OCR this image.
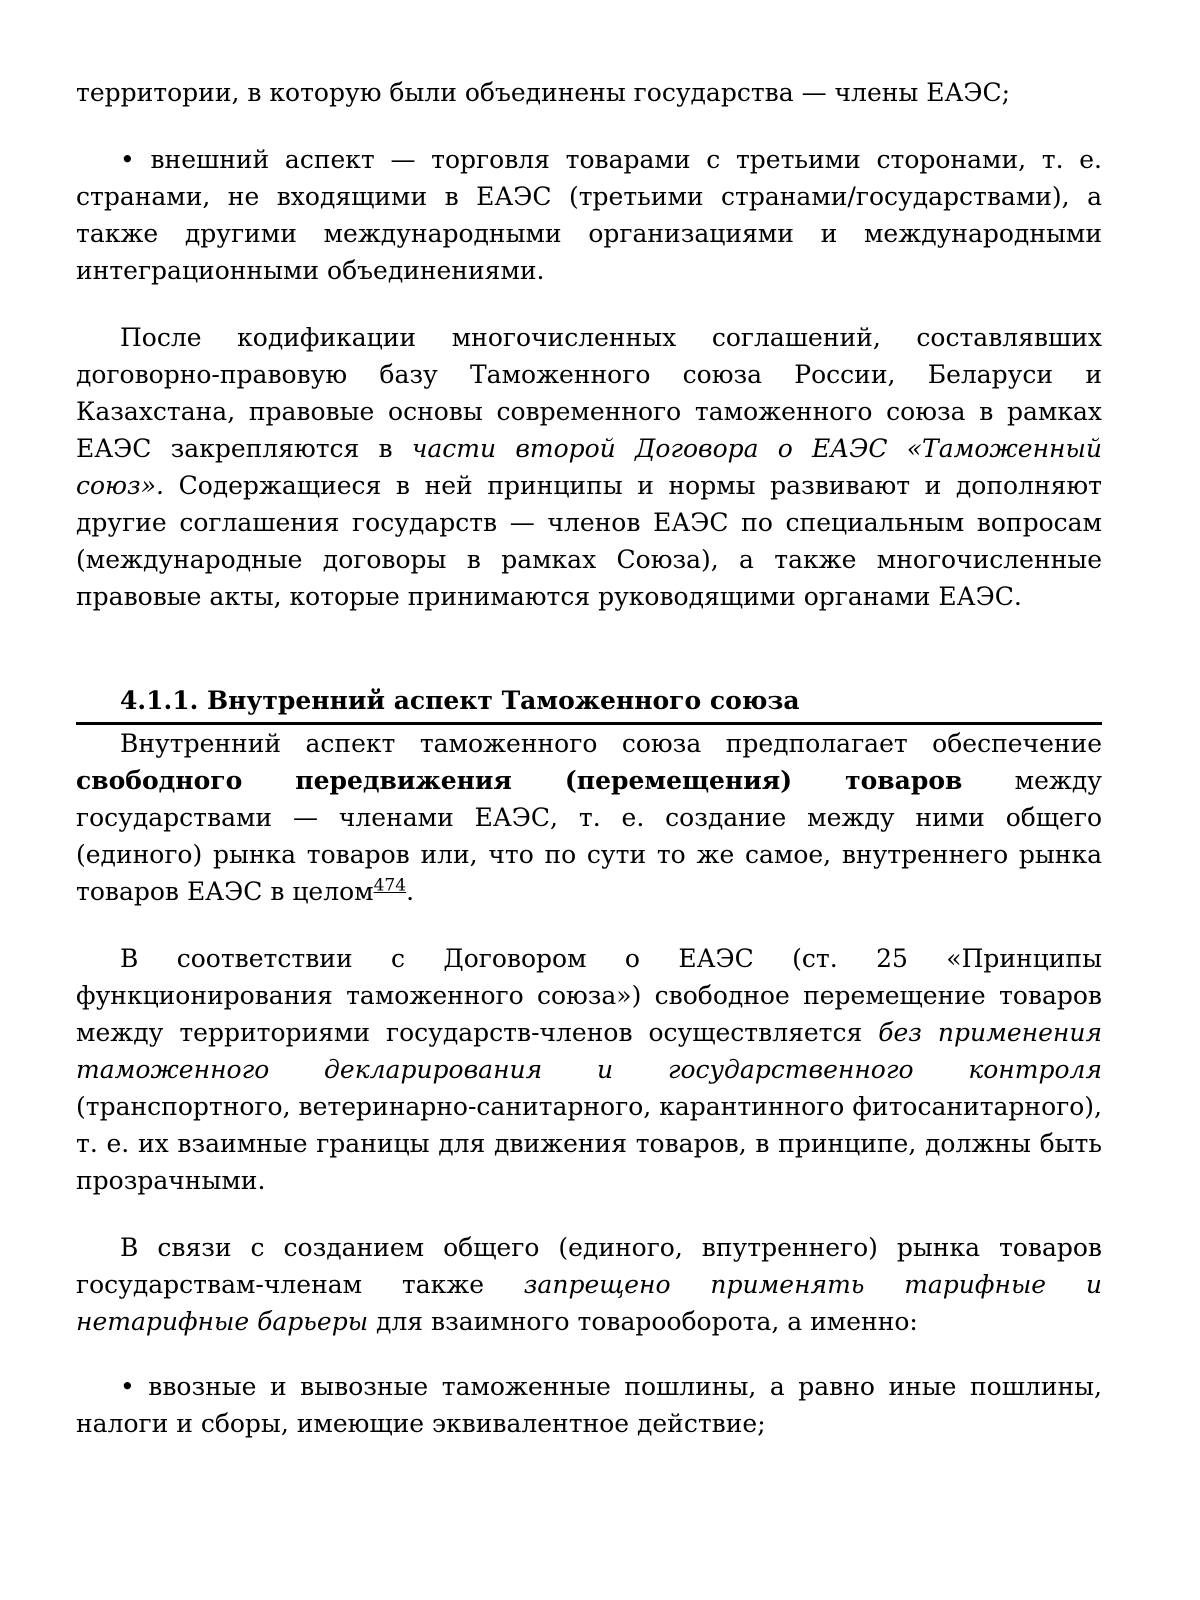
территории, в которую были объединены государства — члены ЕАЭС;

• внешний аспект — торговля товарами с третьими сторонами, т. е. странами, не входящими в ЕАЭС (третьими странами/государствами), а также другими международными организациями и международными интеграционными объединениями.

После кодификации многочисленных соглашений, составлявших договорно-правовую базу Таможенного союза России, Беларуси и Казахстана, правовые основы современного таможенного союза в рамках ЕАЭС закрепляются в части второй Договора о ЕАЭС «Таможенный союз». Содержащиеся в ней принципы и нормы развивают и дополняют другие соглашения государств — членов ЕАЭС по специальным вопросам (международные договоры в рамках Союза), а также многочисленные правовые акты, которые принимаются руководящими органами ЕАЭС.

4.1.1. Внутренний аспект Таможенного союза

Внутренний аспект таможенного союза предполагает обеспечение свободного передвижения (перемещения) товаров между государствами — членами ЕАЭС, т. е. создание между ними общего (единого) рынка товаров или, что по сути то же самое, внутреннего рынка товаров ЕАЭС в целом$^{474}$.

В соответствии с Договором о ЕАЭС (ст. 25 «Принципы функционирования таможенного союза») свободное перемещение товаров между территориями государств-членов осуществляется без применения таможенного декларирования и государственного контроля (транспортного, ветеринарно-санитарного, карантинного фитосанитарного), т. е. их взаимные границы для движения товаров, в принципе, должны быть прозрачными.

В связи с созданием общего (единого, впутреннего) рынка товаров государствам-членам также запрещено применять тарифные и нетарифные барьеры для взаимного товарооборота, а именно:

• ввозные и вывозные таможенные пошлины, а равно иные пошлины, налоги и сборы, имеющие эквивалентное действие;
